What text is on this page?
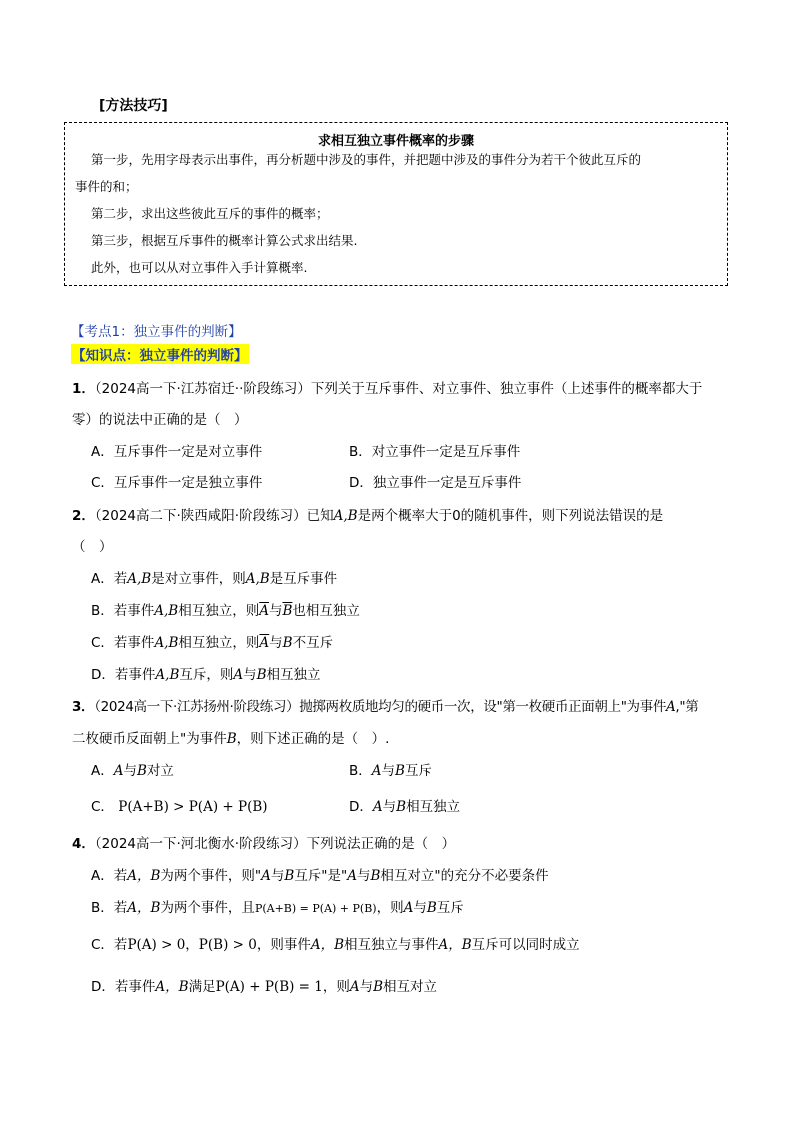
[方法技巧]
求相互独立事件概率的步骤
第一步，先用字母表示出事件，再分析题中涉及的事件，并把题中涉及的事件分为若干个彼此互斥的
事件的和；
第二步，求出这些彼此互斥的事件的概率；
第三步，根据互斥事件的概率计算公式求出结果.
此外，也可以从对立事件入手计算概率.
【考点1：独立事件的判断】
【知识点：独立事件的判断】
1．（2024高一下·江苏宿迁··阶段练习）下列关于互斥事件、对立事件、独立事件（上述事件的概率都大于
零）的说法中正确的是（　）
A．互斥事件一定是对立事件	B．对立事件一定是互斥事件
C．互斥事件一定是独立事件	D．独立事件一定是互斥事件
2．（2024高二下·陕西咸阳·阶段练习）已知A,B是两个概率大于0的随机事件，则下列说法错误的是
（　）
A．若A,B是对立事件，则A,B是互斥事件
B．若事件A,B相互独立，则$\overline{A}$与$\overline{B}$也相互独立
C．若事件A,B相互独立，则$\overline{A}$与B不互斥
D．若事件A,B互斥，则A与B相互独立
3．（2024高一下·江苏扬州·阶段练习）抛掷两枚质地均匀的硬币一次，设"第一枚硬币正面朝上"为事件A,"第
二枚硬币反面朝上"为事件B，则下述正确的是（　）.
A．A与B对立	B．A与B互斥
C． P(A+B) > P(A) + P(B)	D．A与B相互独立
4．（2024高一下·河北衡水·阶段练习）下列说法正确的是（　）
A．若A，B为两个事件，则"A与B互斥"是"A与B相互对立"的充分不必要条件
B．若A，B为两个事件，且P(A+B) = P(A) + P(B)，则A与B互斥
C．若P(A) > 0，P(B) > 0，则事件A，B相互独立与事件A，B互斥可以同时成立
D．若事件A，B满足P(A) + P(B) = 1，则A与B相互对立
